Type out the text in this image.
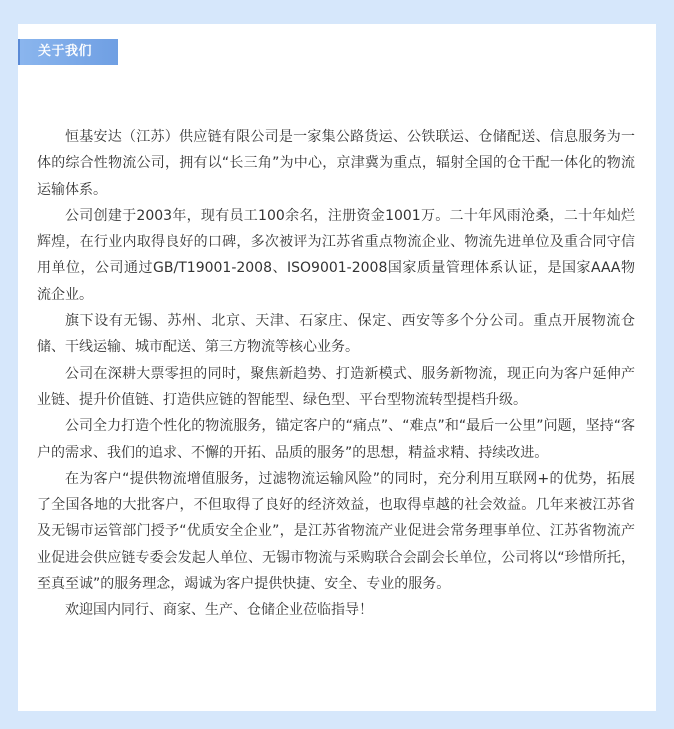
关于我们

恒基安达（江苏）供应链有限公司是一家集公路货运、公铁联运、仓储配送、信息服务为一体的综合性物流公司，拥有以“长三角”为中心，京津冀为重点，辐射全国的仓干配一体化的物流运输体系。

公司创建于2003年，现有员工100余名，注册资金1001万。二十年风雨沧桑，二十年灿烂辉煌，在行业内取得良好的口碑，多次被评为江苏省重点物流企业、物流先进单位及重合同守信用单位，公司通过GB/T19001-2008、ISO9001-2008国家质量管理体系认证，是国家AAA物流企业。

旗下设有无锡、苏州、北京、天津、石家庄、保定、西安等多个分公司。重点开展物流仓储、干线运输、城市配送、第三方物流等核心业务。

公司在深耕大票零担的同时，聚焦新趋势、打造新模式、服务新物流，现正向为客户延伸产业链、提升价值链、打造供应链的智能型、绿色型、平台型物流转型提档升级。

公司全力打造个性化的物流服务，锚定客户的“痛点”、“难点”和“最后一公里”问题，坚持“客户的需求、我们的追求、不懈的开拓、品质的服务”的思想，精益求精、持续改进。

在为客户“提供物流增值服务，过滤物流运输风险”的同时，充分利用互联网+的优势，拓展了全国各地的大批客户，不但取得了良好的经济效益，也取得卓越的社会效益。几年来被江苏省及无锡市运管部门授予“优质安全企业”，是江苏省物流产业促进会常务理事单位、江苏省物流产业促进会供应链专委会发起人单位、无锡市物流与采购联合会副会长单位，公司将以“珍惜所托，至真至诚”的服务理念，竭诚为客户提供快捷、安全、专业的服务。

欢迎国内同行、商家、生产、仓储企业莅临指导！
